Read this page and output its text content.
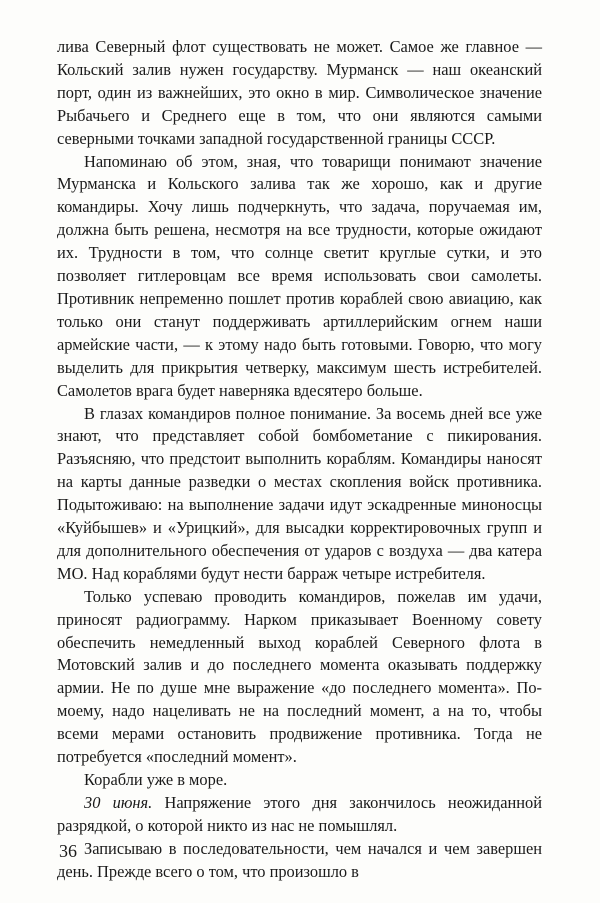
лива Северный флот существовать не может. Самое же главное — Кольский залив нужен государству. Мурманск — наш океанский порт, один из важнейших, это окно в мир. Символическое значение Рыбачьего и Среднего еще в том, что они являются самыми северными точками западной государственной границы СССР.

Напоминаю об этом, зная, что товарищи понимают значение Мурманска и Кольского залива так же хорошо, как и другие командиры. Хочу лишь подчеркнуть, что задача, поручаемая им, должна быть решена, несмотря на все трудности, которые ожидают их. Трудности в том, что солнце светит круглые сутки, и это позволяет гитлеровцам все время использовать свои самолеты. Противник непременно пошлет против кораблей свою авиацию, как только они станут поддерживать артиллерийским огнем наши армейские части, — к этому надо быть готовыми. Говорю, что могу выделить для прикрытия четверку, максимум шесть истребителей. Самолетов врага будет наверняка вдесятеро больше.

В глазах командиров полное понимание. За восемь дней все уже знают, что представляет собой бомбометание с пикирования. Разъясняю, что предстоит выполнить кораблям. Командиры наносят на карты данные разведки о местах скопления войск противника. Подытоживаю: на выполнение задачи идут эскадренные миноносцы «Куйбышев» и «Урицкий», для высадки корректировочных групп и для дополнительного обеспечения от ударов с воздуха — два катера МО. Над кораблями будут нести барраж четыре истребителя.

Только успеваю проводить командиров, пожелав им удачи, приносят радиограмму. Нарком приказывает Военному совету обеспечить немедленный выход кораблей Северного флота в Мотовский залив и до последнего момента оказывать поддержку армии. Не по душе мне выражение «до последнего момента». По-моему, надо нацеливать не на последний момент, а на то, чтобы всеми мерами остановить продвижение противника. Тогда не потребуется «последний момент».

Корабли уже в море.

30 июня. Напряжение этого дня закончилось неожиданной разрядкой, о которой никто из нас не помышлял.

Записываю в последовательности, чем начался и чем завершен день. Прежде всего о том, что произошло в

36
